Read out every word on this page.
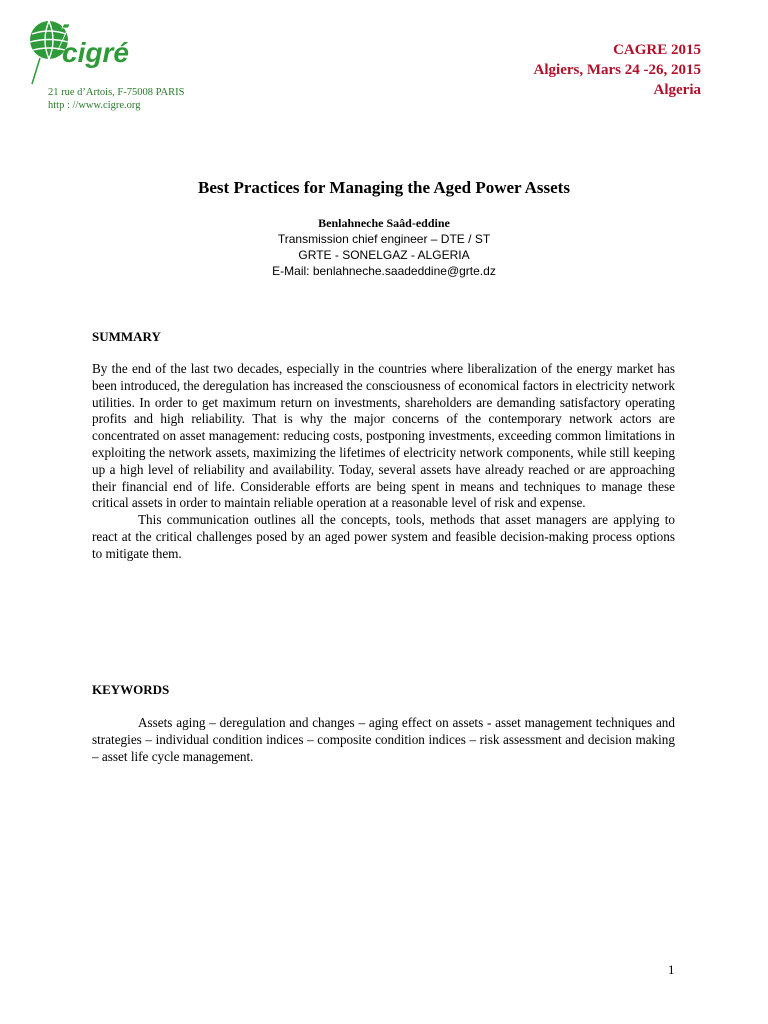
cigré
21 rue d’Artois, F-75008 PARIS
http : //www.cigre.org
CAGRE 2015
Algiers, Mars 24 -26, 2015
Algeria
Best Practices for Managing the Aged Power Assets
Benlahneche Saâd-eddine
Transmission chief engineer – DTE / ST
GRTE - SONELGAZ - ALGERIA
E-Mail: benlahneche.saadeddine@grte.dz
SUMMARY

By the end of the last two decades, especially in the countries where liberalization of the energy market has been introduced, the deregulation has increased the consciousness of economical factors in electricity network utilities. In order to get maximum return on investments, shareholders are demanding satisfactory operating profits and high reliability. That is why the major concerns of the contemporary network actors are concentrated on asset management: reducing costs, postponing investments, exceeding common limitations in exploiting the network assets, maximizing the lifetimes of electricity network components, while still keeping up a high level of reliability and availability. Today, several assets have already reached or are approaching their financial end of life. Considerable efforts are being spent in means and techniques to manage these critical assets in order to maintain reliable operation at a reasonable level of risk and expense.

This communication outlines all the concepts, tools, methods that asset managers are applying to react at the critical challenges posed by an aged power system and feasible decision-making process options to mitigate them.

KEYWORDS

Assets aging – deregulation and changes – aging effect on assets - asset management techniques and strategies – individual condition indices – composite condition indices – risk assessment and decision making – asset life cycle management.

1
